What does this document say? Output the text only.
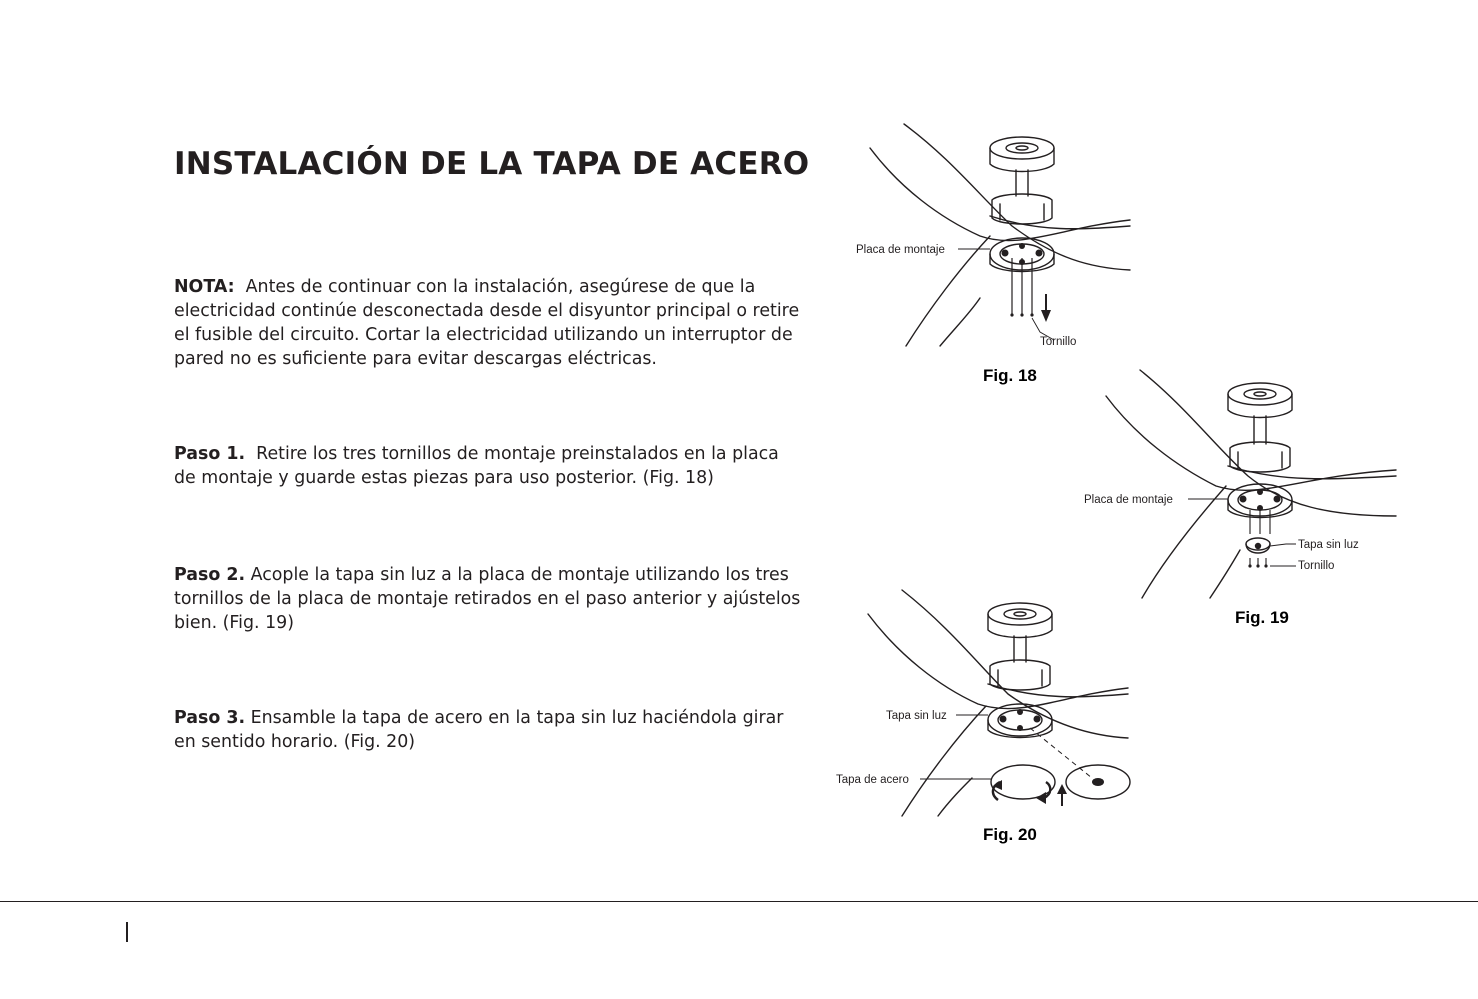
INSTALACIÓN DE LA TAPA DE ACERO

NOTA: Antes de continuar con la instalación, asegúrese de que la electricidad continúe desconectada desde el disyuntor principal o retire el fusible del circuito. Cortar la electricidad utilizando un interruptor de pared no es suficiente para evitar descargas eléctricas.

Paso 1. Retire los tres tornillos de montaje preinstalados en la placa de montaje y guarde estas piezas para uso posterior. (Fig. 18)

Paso 2. Acople la tapa sin luz a la placa de montaje utilizando los tres tornillos de la placa de montaje retirados en el paso anterior y ajústelos bien. (Fig. 19)

Paso 3. Ensamble la tapa de acero en la tapa sin luz haciéndola girar en sentido horario. (Fig. 20)

Placa de montaje
Tornillo
Fig. 18
Placa de montaje
Tapa sin luz
Tornillo
Fig. 19
Tapa sin luz
Tapa de acero
Fig. 20
